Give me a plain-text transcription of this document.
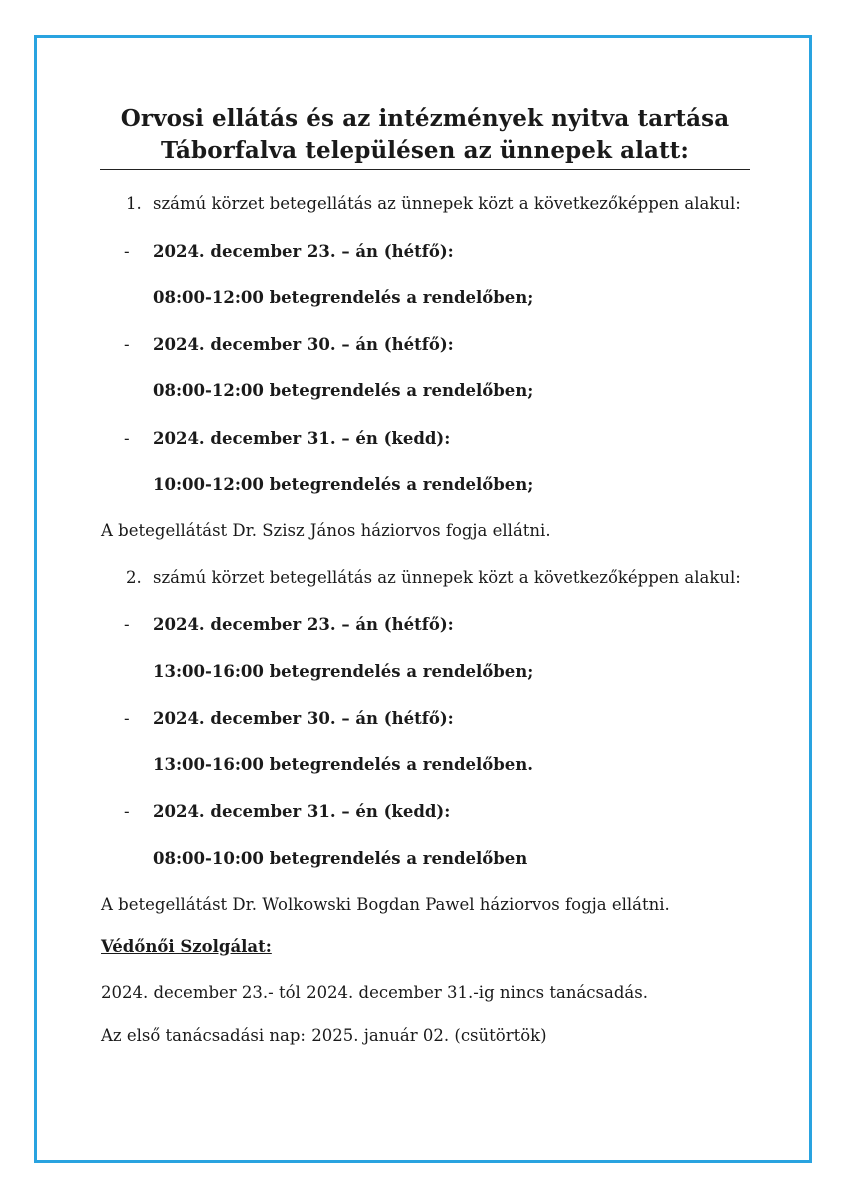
Orvosi ellátás és az intézmények nyitva tartása
Táborfalva településen az ünnepek alatt:
1. számú körzet betegellátás az ünnepek közt a következőképpen alakul:
- 2024. december 23. – án (hétfő):
08:00-12:00 betegrendelés a rendelőben;
- 2024. december 30. – án (hétfő):
08:00-12:00 betegrendelés a rendelőben;
- 2024. december 31. – én (kedd):
10:00-12:00 betegrendelés a rendelőben;
A betegellátást Dr. Szisz János háziorvos fogja ellátni.
2. számú körzet betegellátás az ünnepek közt a következőképpen alakul:
- 2024. december 23. – án (hétfő):
13:00-16:00 betegrendelés a rendelőben;
- 2024. december 30. – án (hétfő):
13:00-16:00 betegrendelés a rendelőben.
- 2024. december 31. – én (kedd):
08:00-10:00 betegrendelés a rendelőben
A betegellátást Dr. Wolkowski Bogdan Pawel háziorvos fogja ellátni.
Védőnői Szolgálat:
2024. december 23.- tól 2024. december 31.-ig nincs tanácsadás.
Az első tanácsadási nap: 2025. január 02. (csütörtök)
